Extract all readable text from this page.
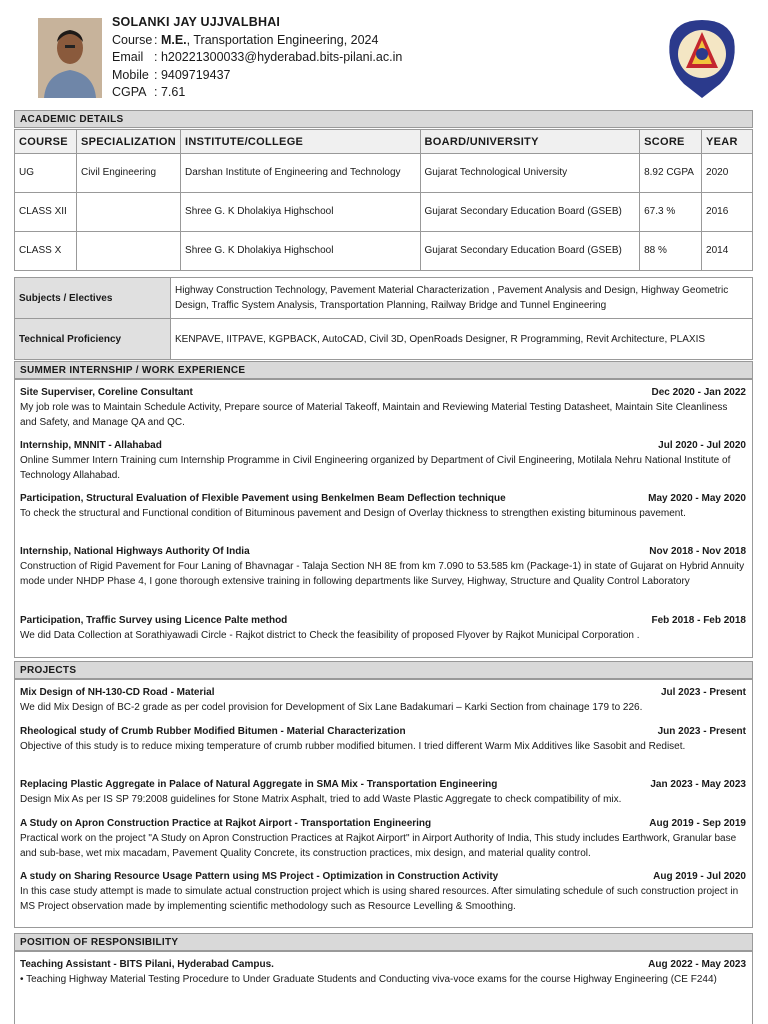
SOLANKI JAY UJJVALBHAI
Course : M.E., Transportation Engineering, 2024
Email : h20221300033@hyderabad.bits-pilani.ac.in
Mobile : 9409719437
CGPA : 7.61
ACADEMIC DETAILS
COURSE	SPECIALIZATION	INSTITUTE/COLLEGE	BOARD/UNIVERSITY	SCORE	YEAR
UG	Civil Engineering	Darshan Institute of Engineering and Technology	Gujarat Technological University	8.92 CGPA	2020
CLASS XII		Shree G. K Dholakiya Highschool	Gujarat Secondary Education Board (GSEB)	67.3 %	2016
CLASS X		Shree G. K Dholakiya Highschool	Gujarat Secondary Education Board (GSEB)	88 %	2014
Subjects / Electives	Highway Construction Technology, Pavement Material Characterization , Pavement Analysis and Design, Highway Geometric Design, Traffic System Analysis, Transportation Planning, Railway Bridge and Tunnel Engineering
Technical Proficiency	KENPAVE, IITPAVE, KGPBACK, AutoCAD, Civil 3D, OpenRoads Designer, R Programming, Revit Architecture, PLAXIS
SUMMER INTERNSHIP / WORK EXPERIENCE
Site Superviser, Coreline Consultant	Dec 2020 - Jan 2022

My job role was to Maintain Schedule Activity, Prepare source of Material Takeoff, Maintain and Reviewing Material Testing Datasheet, Maintain Site Cleanliness and Safety, and Manage QA and QC.

Internship, MNNIT - Allahabad	Jul 2020 - Jul 2020

Online Summer Intern Training cum Internship Programme in Civil Engineering organized by Department of Civil Engineering, Motilala Nehru National Institute of Technology Allahabad.

Participation, Structural Evaluation of Flexible Pavement using Benkelmen Beam Deflection technique	May 2020 - May 2020

To check the structural and Functional condition of Bituminous pavement and Design of Overlay thickness to strengthen existing bituminous pavement.

Internship, National Highways Authority Of India	Nov 2018 - Nov 2018

Construction of Rigid Pavement for Four Laning of Bhavnagar - Talaja Section NH 8E from km 7.090 to 53.585 km (Package-1) in state of Gujarat on Hybrid Annuity mode under NHDP Phase 4, I gone thorough extensive training in following departments like Survey, Highway, Structure and Quality Control Laboratory

Participation, Traffic Survey using Licence Palte method	Feb 2018 - Feb 2018

We did Data Collection at Sorathiyawadi Circle - Rajkot district to Check the feasibility of proposed Flyover by Rajkot Municipal Corporation .

PROJECTS
Mix Design of NH-130-CD Road - Material	Jul 2023 - Present

We did Mix Design of BC-2 grade as per codel provision for Development of Six Lane Badakumari – Karki Section from chainage 179 to 226.

Rheological study of Crumb Rubber Modified Bitumen - Material Characterization	Jun 2023 - Present

Objective of this study is to reduce mixing temperature of crumb rubber modified bitumen. I tried different Warm Mix Additives like Sasobit and Rediset.

Replacing Plastic Aggregate in Palace of Natural Aggregate in SMA Mix - Transportation Engineering	Jan 2023 - May 2023

Design Mix As per IS SP 79:2008 guidelines for Stone Matrix Asphalt, tried to add Waste Plastic Aggregate to check compatibility of mix.

A Study on Apron Construction Practice at Rajkot Airport - Transportation Engineering	Aug 2019 - Sep 2019

Practical work on the project "A Study on Apron Construction Practices at Rajkot Airport" in Airport Authority of India, This study includes Earthwork, Granular base and sub-base, wet mix macadam, Pavement Quality Concrete, its construction practices, mix design, and material quality control.

A study on Sharing Resource Usage Pattern using MS Project - Optimization in Construction Activity	Aug 2019 - Jul 2020

In this case study attempt is made to simulate actual construction project which is using shared resources. After simulating schedule of such construction project in MS Project observation made by implementing scientific methodology such as Resource Levelling & Smoothing.

POSITION OF RESPONSIBILITY
Teaching Assistant - BITS Pilani, Hyderabad Campus.	Aug 2022 - May 2023

• Teaching Highway Material Testing Procedure to Under Graduate Students and Conducting viva-voce exams for the course Highway Engineering (CE F244)
